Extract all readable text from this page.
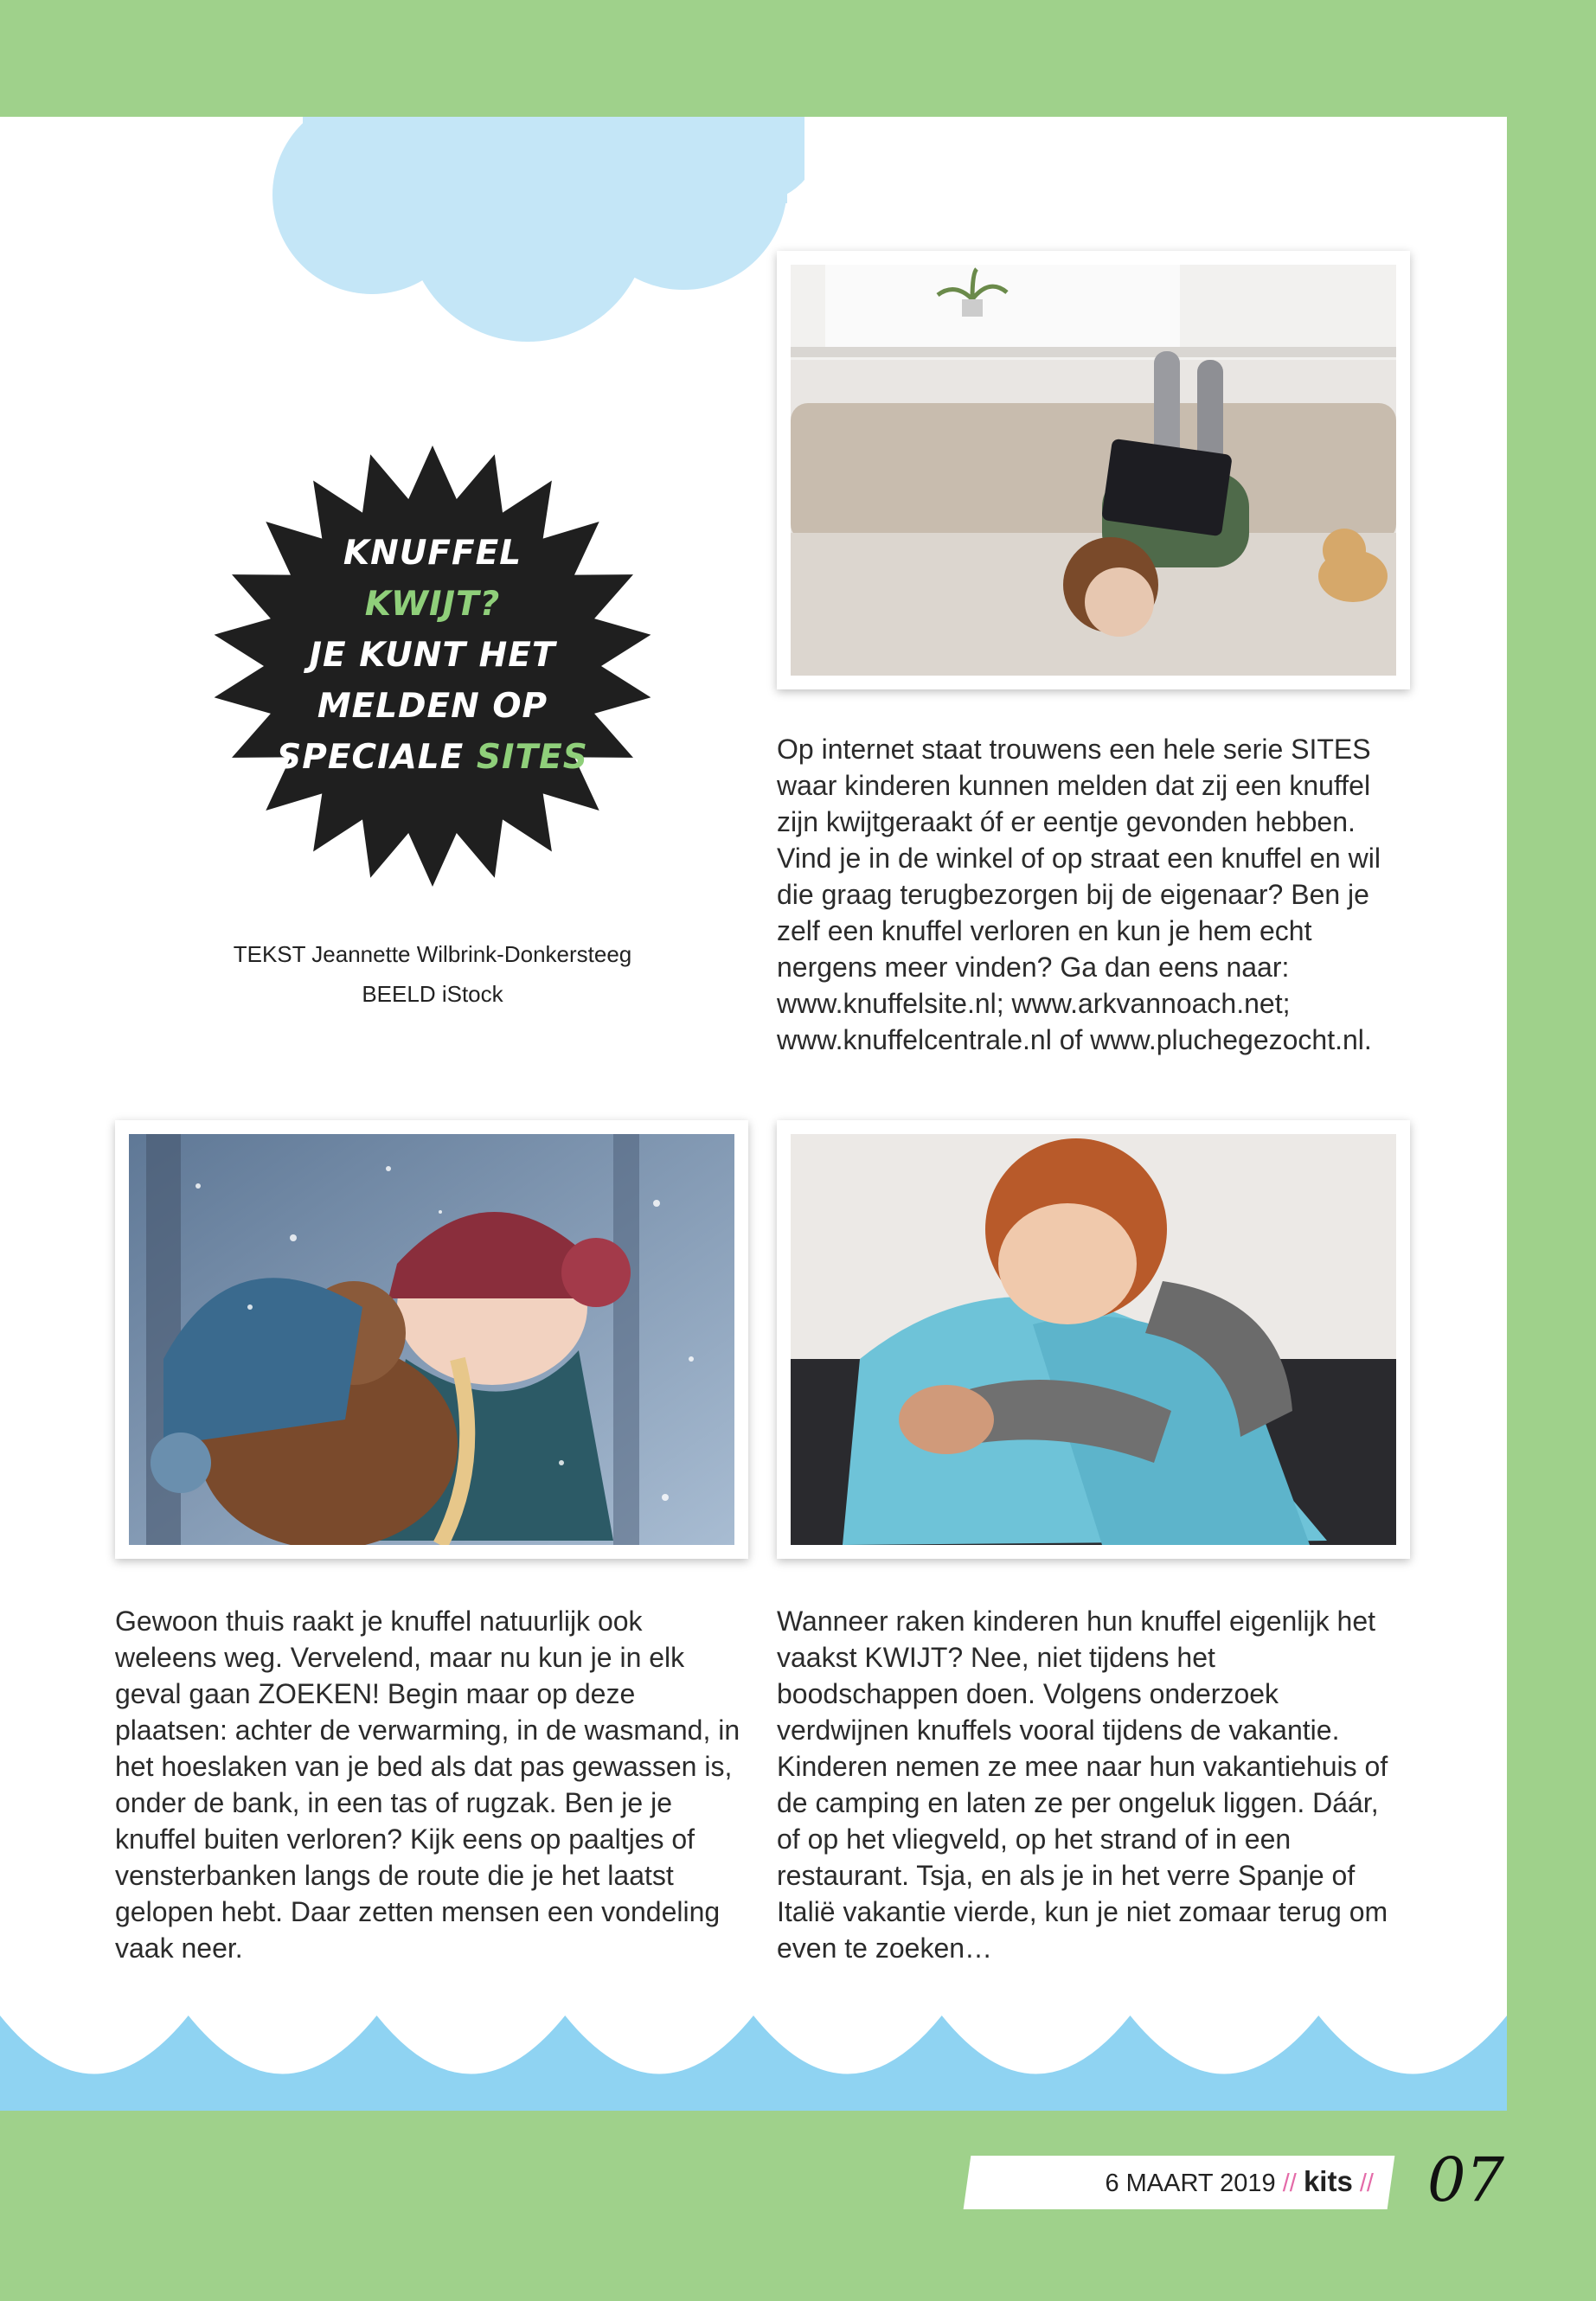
KNUFFEL
KWIJT?
JE KUNT HET
MELDEN OP
SPECIALE SITES
TEKST Jeannette Wilbrink-Donkersteeg
BEELD iStock
Op internet staat trouwens een hele serie SITES waar kinderen kunnen melden dat zij een knuffel zijn kwijtgeraakt óf er eentje gevonden hebben. Vind je in de winkel of op straat een knuffel en wil die graag terugbezorgen bij de eigenaar? Ben je zelf een knuffel verloren en kun je hem echt nergens meer vinden? Ga dan eens naar: www.knuffelsite.nl; www.arkvannoach.net; www.knuffelcentrale.nl of www.pluchegezocht.nl.
Gewoon thuis raakt je knuffel natuurlijk ook weleens weg. Vervelend, maar nu kun je in elk geval gaan ZOEKEN! Begin maar op deze plaatsen: achter de verwarming, in de wasmand, in het hoeslaken van je bed als dat pas gewassen is, onder de bank, in een tas of rugzak. Ben je je knuffel buiten verloren? Kijk eens op paaltjes of vensterbanken langs de route die je het laatst gelopen hebt. Daar zetten mensen een vondeling vaak neer.
Wanneer raken kinderen hun knuffel eigenlijk het vaakst KWIJT? Nee, niet tijdens het boodschappen doen. Volgens onderzoek verdwijnen knuffels vooral tijdens de vakantie. Kinderen nemen ze mee naar hun vakantiehuis of de camping en laten ze per ongeluk liggen. Dáár, of op het vliegveld, op het strand of in een restaurant. Tsja, en als je in het verre Spanje of Italië vakantie vierde, kun je niet zomaar terug om even te zoeken…
6 MAART 2019 // kits // 07
